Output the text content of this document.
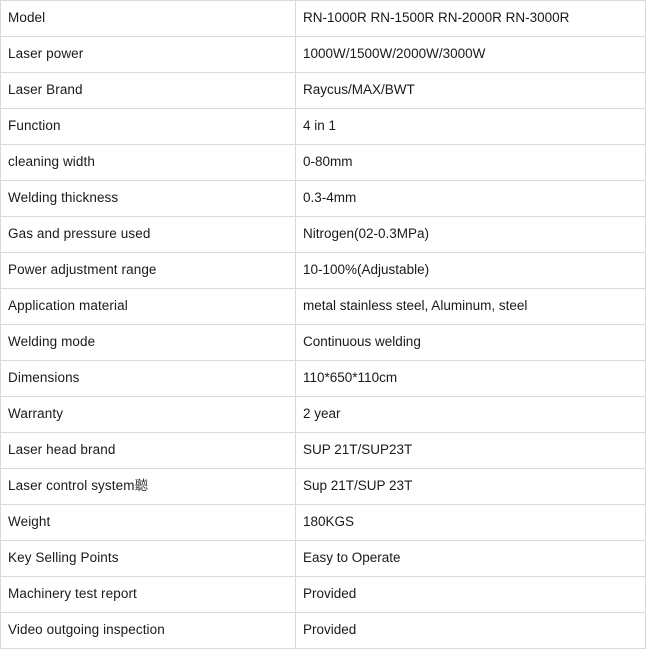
Model	RN-1000R RN-1500R RN-2000R RN-3000R
Laser power	1000W/1500W/2000W/3000W
Laser Brand	Raycus/MAX/BWT
Function	4 in 1
cleaning width	0-80mm
Welding thickness	0.3-4mm
Gas and pressure used	Nitrogen(02-0.3MPa)
Power adjustment range	10-100%(Adjustable)
Application material	metal stainless steel, Aluminum, steel
Welding mode	Continuous welding
Dimensions	110*650*110cm
Warranty	2 year
Laser head brand	SUP 21T/SUP23T
Laser control system聽	Sup 21T/SUP 23T
Weight	180KGS
Key Selling Points	Easy to Operate
Machinery test report	Provided
Video outgoing inspection	Provided
